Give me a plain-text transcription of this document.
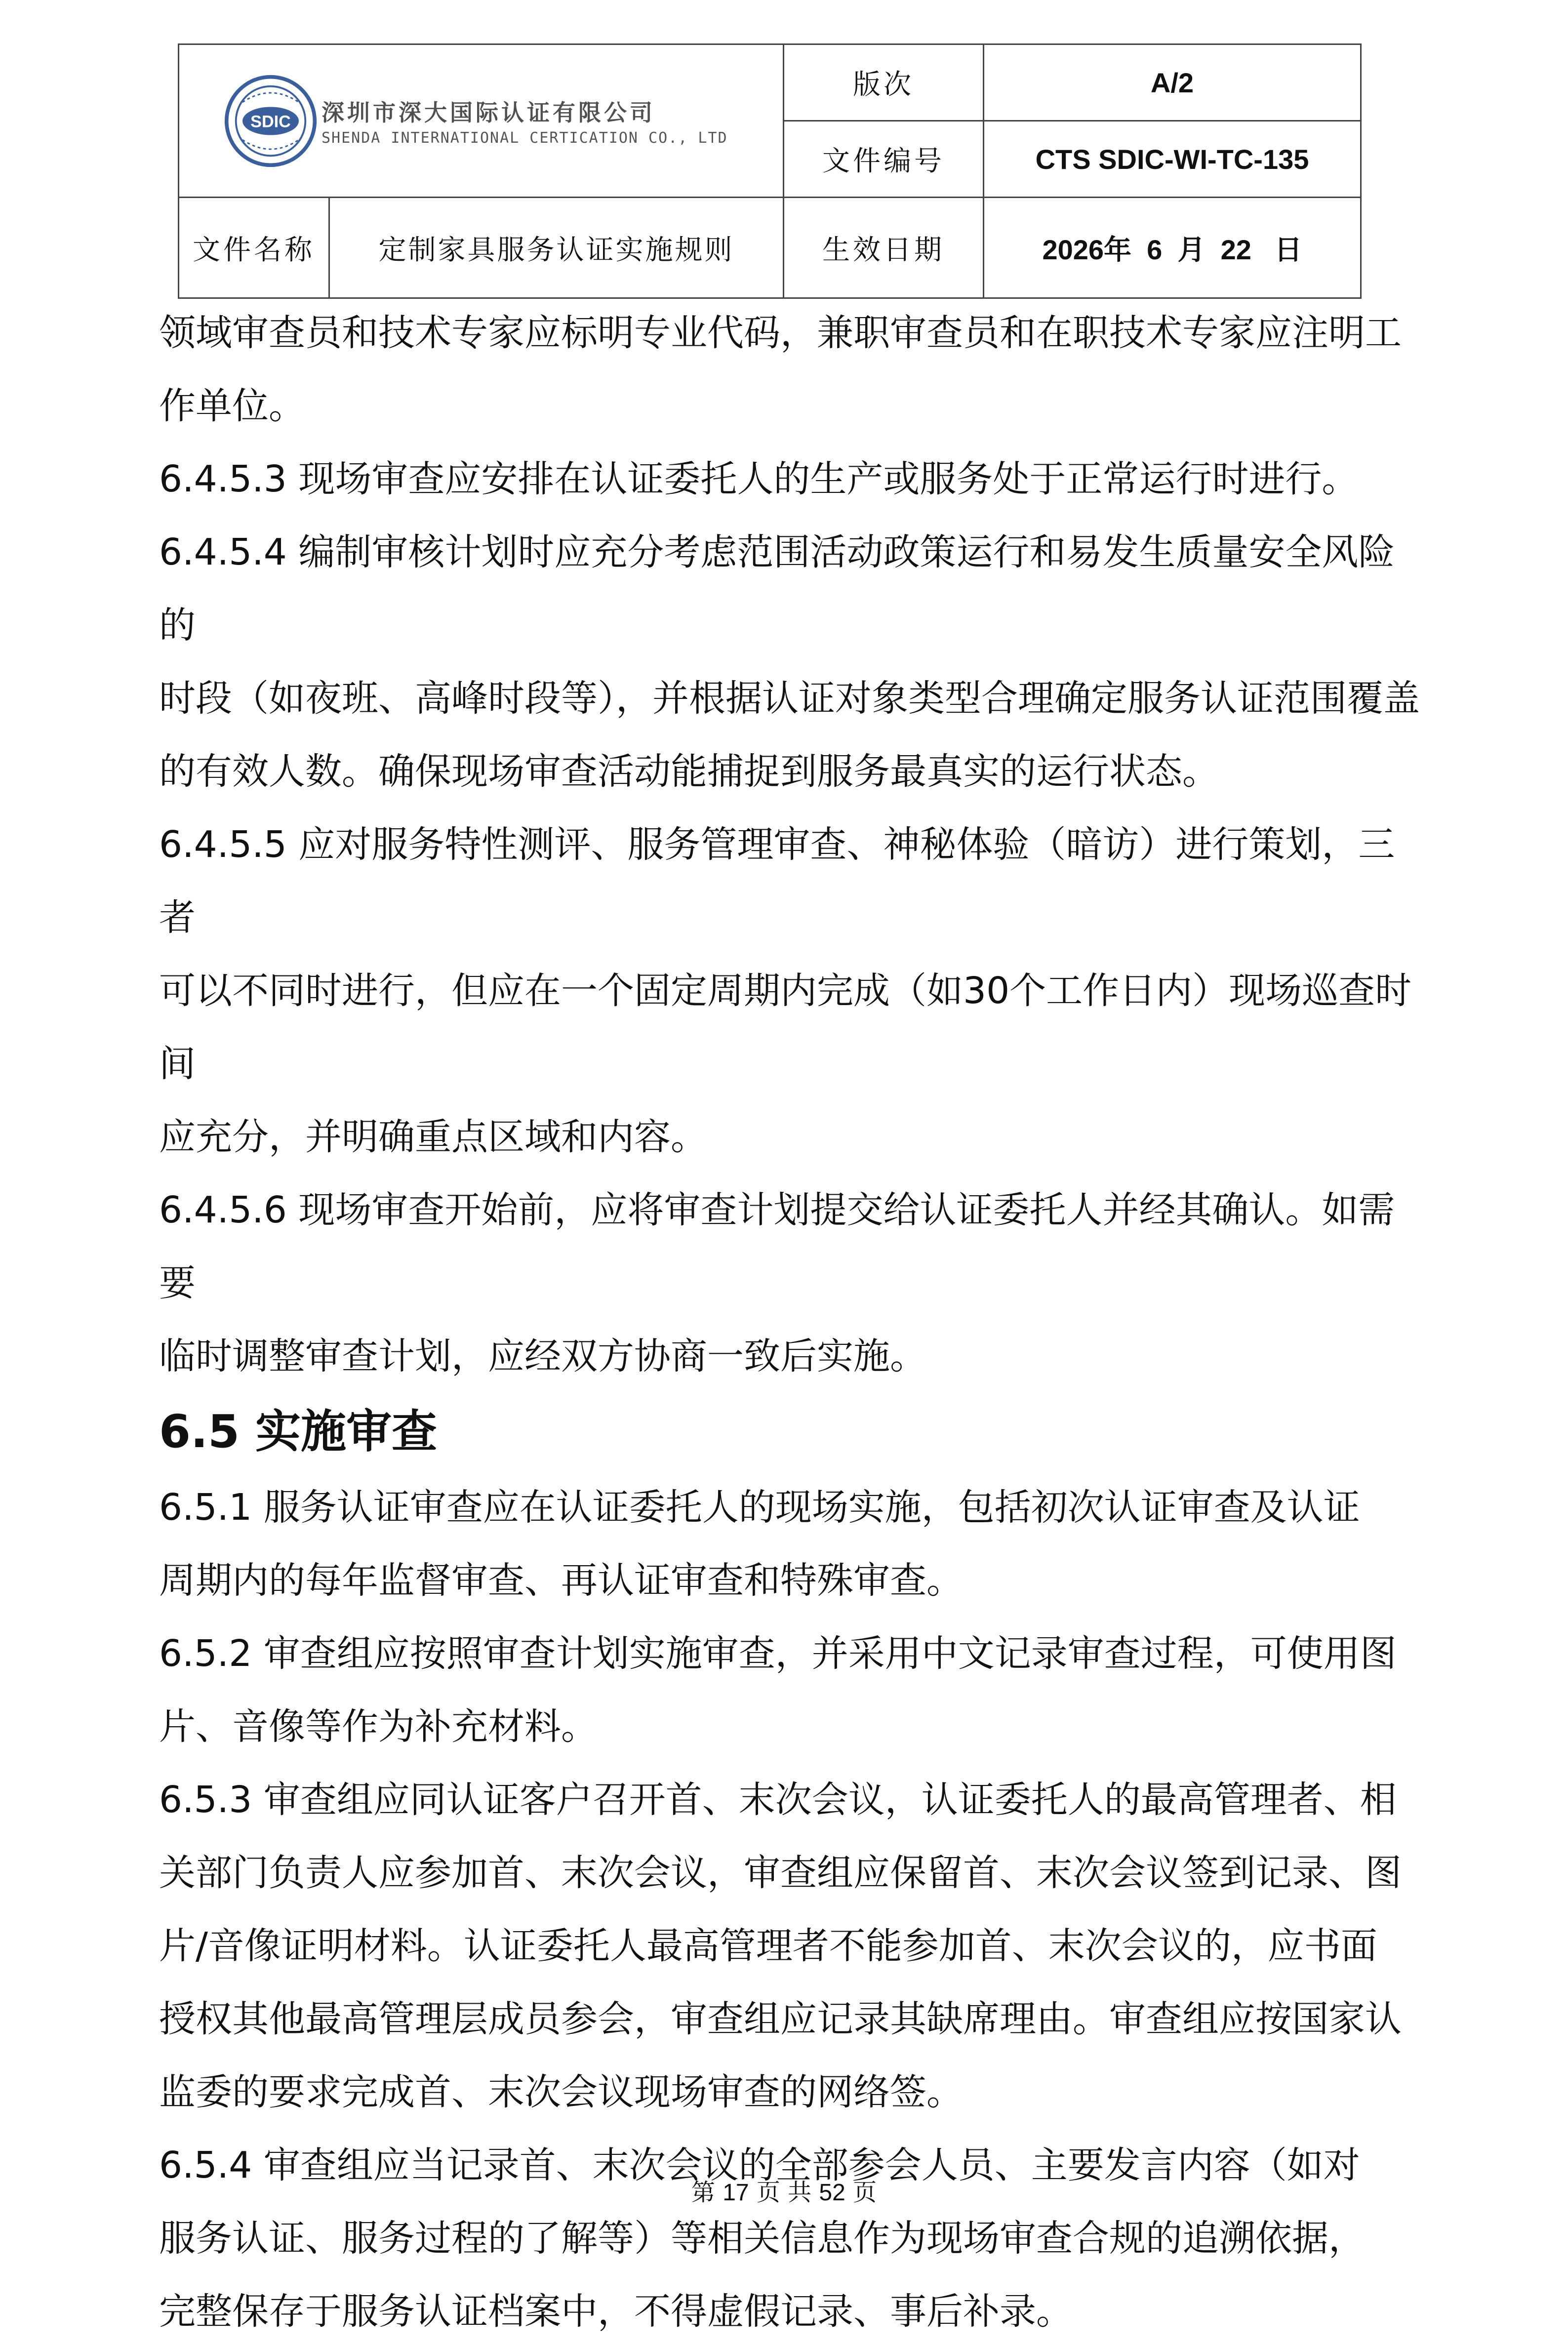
SDIC 深圳市深大国际认证有限公司
SHENDA INTERNATIONAL CERTICATION CO., LTD		版次	A/2
		文件编号	CTS SDIC-WI-TC-135
文件名称	定制家具服务认证实施规则	生效日期	2026年 6 月 22 日

领域审查员和技术专家应标明专业代码，兼职审查员和在职技术专家应注明工
作单位。

6.4.5.3 现场审查应安排在认证委托人的生产或服务处于正常运行时进行。

6.4.5.4 编制审核计划时应充分考虑范围活动政策运行和易发生质量安全风险的
时段（如夜班、高峰时段等），并根据认证对象类型合理确定服务认证范围覆盖
的有效人数。确保现场审查活动能捕捉到服务最真实的运行状态。

6.4.5.5 应对服务特性测评、服务管理审查、神秘体验（暗访）进行策划，三者
可以不同时进行，但应在一个固定周期内完成（如30个工作日内）现场巡查时间
应充分，并明确重点区域和内容。

6.4.5.6 现场审查开始前，应将审查计划提交给认证委托人并经其确认。如需要
临时调整审查计划，应经双方协商一致后实施。

6.5 实施审查

6.5.1 服务认证审查应在认证委托人的现场实施，包括初次认证审查及认证
周期内的每年监督审查、再认证审查和特殊审查。

6.5.2 审查组应按照审查计划实施审查，并采用中文记录审查过程，可使用图
片、音像等作为补充材料。

6.5.3 审查组应同认证客户召开首、末次会议，认证委托人的最高管理者、相
关部门负责人应参加首、末次会议，审查组应保留首、末次会议签到记录、图
片/音像证明材料。认证委托人最高管理者不能参加首、末次会议的，应书面
授权其他最高管理层成员参会，审查组应记录其缺席理由。审查组应按国家认
监委的要求完成首、末次会议现场审查的网络签。

6.5.4 审查组应当记录首、末次会议的全部参会人员、主要发言内容（如对
服务认证、服务过程的了解等）等相关信息作为现场审查合规的追溯依据，
完整保存于服务认证档案中，不得虚假记录、事后补录。

第 17 页 共 52 页
